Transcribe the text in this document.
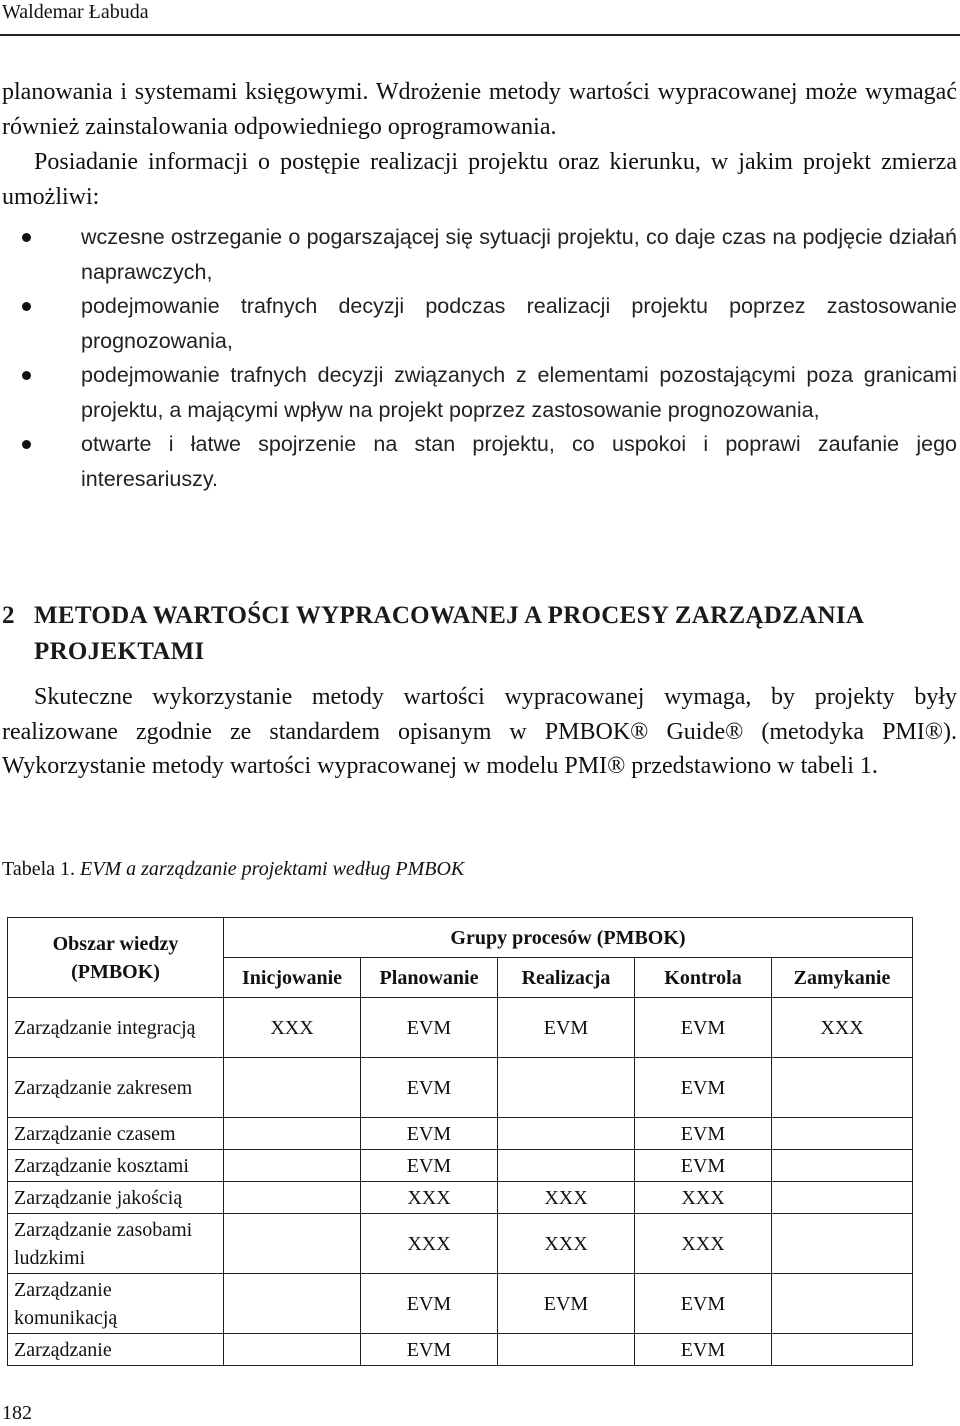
Waldemar Łabuda

planowania i systemami księgowymi. Wdrożenie metody wartości wypracowanej może wymagać również zainstalowania odpowiedniego oprogramowania.

Posiadanie informacji o postępie realizacji projektu oraz kierunku, w jakim projekt zmierza umożliwi:

wczesne ostrzeganie o pogarszającej się sytuacji projektu, co daje czas na podjęcie działań naprawczych,
podejmowanie trafnych decyzji podczas realizacji projektu poprzez zastosowanie prognozowania,
podejmowanie trafnych decyzji związanych z elementami pozostającymi poza granicami projektu, a mającymi wpływ na projekt poprzez zastosowanie prognozowania,
otwarte i łatwe spojrzenie na stan projektu, co uspokoi i poprawi zaufanie jego interesariuszy.
2 METODA WARTOŚCI WYPRACOWANEJ A PROCESY ZARZĄDZANIA
PROJEKTAMI

Skuteczne wykorzystanie metody wartości wypracowanej wymaga, by projekty były realizowane zgodnie ze standardem opisanym w PMBOK® Guide® (metodyka PMI®). Wykorzystanie metody wartości wypracowanej w modelu PMI® przedstawiono w tabeli 1.

Tabela 1. EVM a zarządzanie projektami według PMBOK

Obszar wiedzy (PMBOK)	Grupy procesów (PMBOK)				
	Inicjowanie	Planowanie	Realizacja	Kontrola	Zamykanie
Zarządzanie integracją	XXX	EVM	EVM	EVM	XXX
Zarządzanie zakresem		EVM		EVM	
Zarządzanie czasem		EVM		EVM	
Zarządzanie kosztami		EVM		EVM	
Zarządzanie jakością		XXX	XXX	XXX	
Zarządzanie zasobami ludzkimi		XXX	XXX	XXX	
Zarządzanie komunikacją		EVM	EVM	EVM	
Zarządzanie		EVM		EVM	
182
